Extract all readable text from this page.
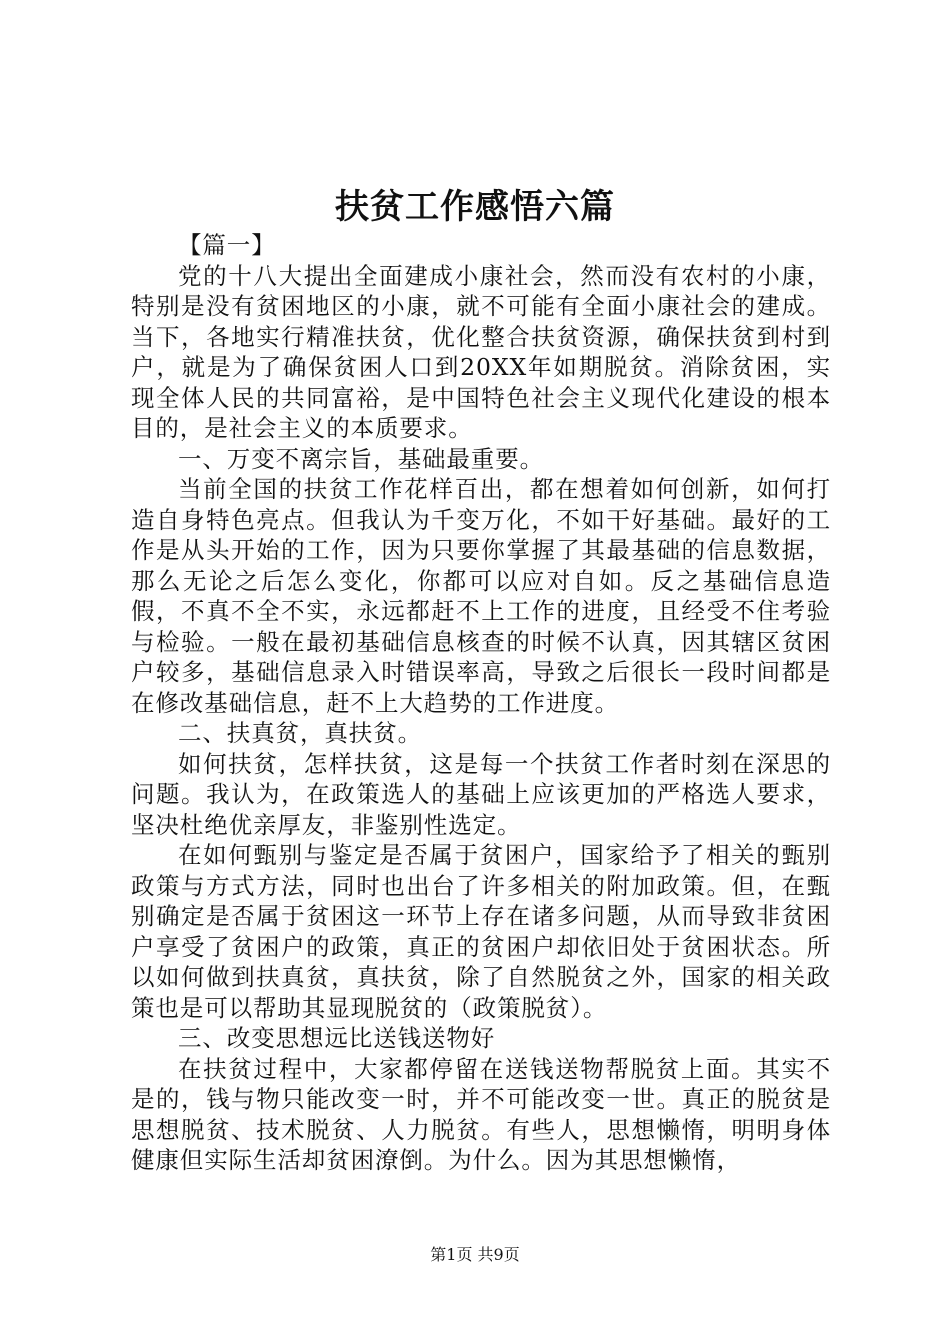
扶贫工作感悟六篇

【篇一】

党的十八大提出全面建成小康社会，然而没有农村的小康，特别是没有贫困地区的小康，就不可能有全面小康社会的建成。当下，各地实行精准扶贫，优化整合扶贫资源，确保扶贫到村到户，就是为了确保贫困人口到20XX年如期脱贫。消除贫困，实现全体人民的共同富裕，是中国特色社会主义现代化建设的根本目的，是社会主义的本质要求。

一、万变不离宗旨，基础最重要。

当前全国的扶贫工作花样百出，都在想着如何创新，如何打造自身特色亮点。但我认为千变万化，不如干好基础。最好的工作是从头开始的工作，因为只要你掌握了其最基础的信息数据，那么无论之后怎么变化，你都可以应对自如。反之基础信息造假，不真不全不实，永远都赶不上工作的进度，且经受不住考验与检验。一般在最初基础信息核查的时候不认真，因其辖区贫困户较多，基础信息录入时错误率高，导致之后很长一段时间都是在修改基础信息，赶不上大趋势的工作进度。

二、扶真贫，真扶贫。

如何扶贫，怎样扶贫，这是每一个扶贫工作者时刻在深思的问题。我认为，在政策选人的基础上应该更加的严格选人要求，坚决杜绝优亲厚友，非鉴别性选定。

在如何甄别与鉴定是否属于贫困户，国家给予了相关的甄别政策与方式方法，同时也出台了许多相关的附加政策。但，在甄别确定是否属于贫困这一环节上存在诸多问题，从而导致非贫困户享受了贫困户的政策，真正的贫困户却依旧处于贫困状态。所以如何做到扶真贫，真扶贫，除了自然脱贫之外，国家的相关政策也是可以帮助其显现脱贫的（政策脱贫）。

三、改变思想远比送钱送物好

在扶贫过程中，大家都停留在送钱送物帮脱贫上面。其实不是的，钱与物只能改变一时，并不可能改变一世。真正的脱贫是思想脱贫、技术脱贫、人力脱贫。有些人，思想懒惰，明明身体健康但实际生活却贫困潦倒。为什么。因为其思想懒惰，

第1页 共9页
